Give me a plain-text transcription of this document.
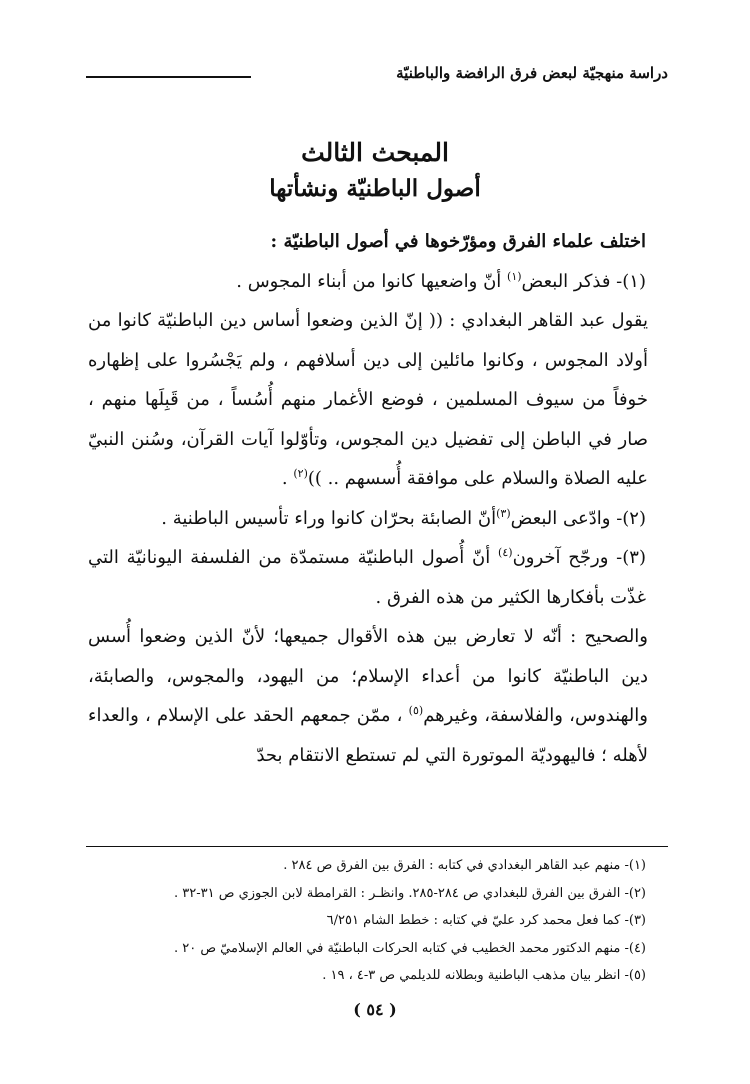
دراسة منهجيّة لبعض فرق الرافضة والباطنيّة
المبحث الثالث
أصول الباطنيّة ونشأتها

اختلف علماء الفرق ومؤرّخوها في أصول الباطنيّة :

(١)- فذكر البعض$^{(١)}$ أنّ واضعيها كانوا من أبناء المجوس .

يقول عبد القاهر البغدادي : (( إنّ الذين وضعوا أساس دين الباطنيّة كانوا من أولاد المجوس ، وكانوا مائلين إلى دين أسلافهم ، ولم يَجْسُروا على إظهاره خوفاً من سيوف المسلمين ، فوضع الأغمار منهم أُسُساً ، من قَبِلَها منهم ، صار في الباطن إلى تفضيل دين المجوس، وتأوّلوا آيات القرآن، وسُنن النبيّ عليه الصلاة والسلام على موافقة أُسسهم .. ))$^{(٢)}$ .

(٢)- وادّعى البعض$^{(٣)}$أنّ الصابئة بحرّان كانوا وراء تأسيس الباطنية .

(٣)- ورجّح آخرون$^{(٤)}$ أنّ أُصول الباطنيّة مستمدّة من الفلسفة اليونانيّة التي غذّت بأفكارها الكثير من هذه الفرق .

والصحيح : أنّه لا تعارض بين هذه الأقوال جميعها؛ لأنّ الذين وضعوا أُسس دين الباطنيّة كانوا من أعداء الإسلام؛ من اليهود، والمجوس، والصابئة، والهندوس، والفلاسفة، وغيرهم$^{(٥)}$ ، ممّن جمعهم الحقد على الإسلام ، والعداء لأهله ؛ فاليهوديّة الموتورة التي لم تستطع الانتقام بحدّ

(١)- منهم عبد القاهر البغدادي في كتابه : الفرق بين الفرق ص ٢٨٤ .
(٢)- الفرق بين الفرق للبغدادي ص ٢٨٤-٢٨٥. وانظـر : القرامطة لابن الجوزي ص ٣١-٣٢ .
(٣)- كما فعل محمد كرد عليّ في كتابه : خطط الشام ٦/٢٥١
(٤)- منهم الدكتور محمد الخطيب في كتابه الحركات الباطنيّة في العالم الإسلاميّ ص ٢٠ .
(٥)- انظر بيان مذهب الباطنية وبطلانه للديلمي ص ٣-٤ ، ١٩ .
( ٥٤ )
